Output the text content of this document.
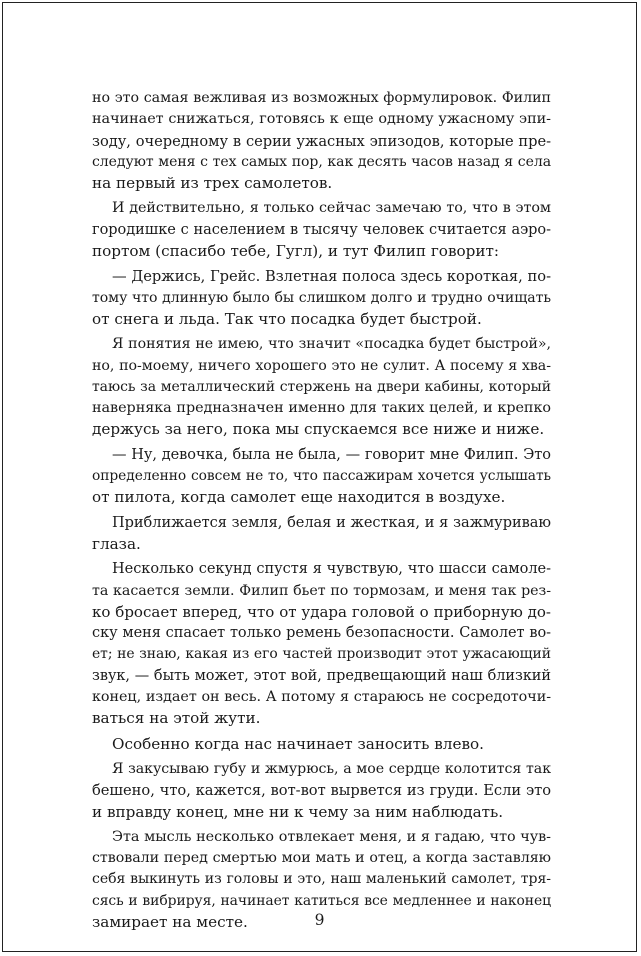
но это самая вежливая из возможных формулировок. Филип
начинает снижаться, готовясь к еще одному ужасному эпи-
зоду, очередному в серии ужасных эпизодов, которые пре-
следуют меня с тех самых пор, как десять часов назад я села
на первый из трех самолетов.
И действительно, я только сейчас замечаю то, что в этом
городишке с населением в тысячу человек считается аэро-
портом (спасибо тебе, Гугл), и тут Филип говорит:
— Держись, Грейс. Взлетная полоса здесь короткая, по-
тому что длинную было бы слишком долго и трудно очищать
от снега и льда. Так что посадка будет быстрой.
Я понятия не имею, что значит «посадка будет быстрой»,
но, по-моему, ничего хорошего это не сулит. А посему я хва-
таюсь за металлический стержень на двери кабины, который
наверняка предназначен именно для таких целей, и крепко
держусь за него, пока мы спускаемся все ниже и ниже.
— Ну, девочка, была не была, — говорит мне Филип. Это
определенно совсем не то, что пассажирам хочется услышать
от пилота, когда самолет еще находится в воздухе.
Приближается земля, белая и жесткая, и я зажмуриваю
глаза.
Несколько секунд спустя я чувствую, что шасси самоле-
та касается земли. Филип бьет по тормозам, и меня так рез-
ко бросает вперед, что от удара головой о приборную до-
ску меня спасает только ремень безопасности. Самолет во-
ет; не знаю, какая из его частей производит этот ужасающий
звук, — быть может, этот вой, предвещающий наш близкий
конец, издает он весь. А потому я стараюсь не сосредоточи-
ваться на этой жути.
Особенно когда нас начинает заносить влево.
Я закусываю губу и жмурюсь, а мое сердце колотится так
бешено, что, кажется, вот-вот вырвется из груди. Если это
и вправду конец, мне ни к чему за ним наблюдать.
Эта мысль несколько отвлекает меня, и я гадаю, что чув-
ствовали перед смертью мои мать и отец, а когда заставляю
себя выкинуть из головы и это, наш маленький самолет, тря-
сясь и вибрируя, начинает катиться все медленнее и наконец
замирает на месте.	9
